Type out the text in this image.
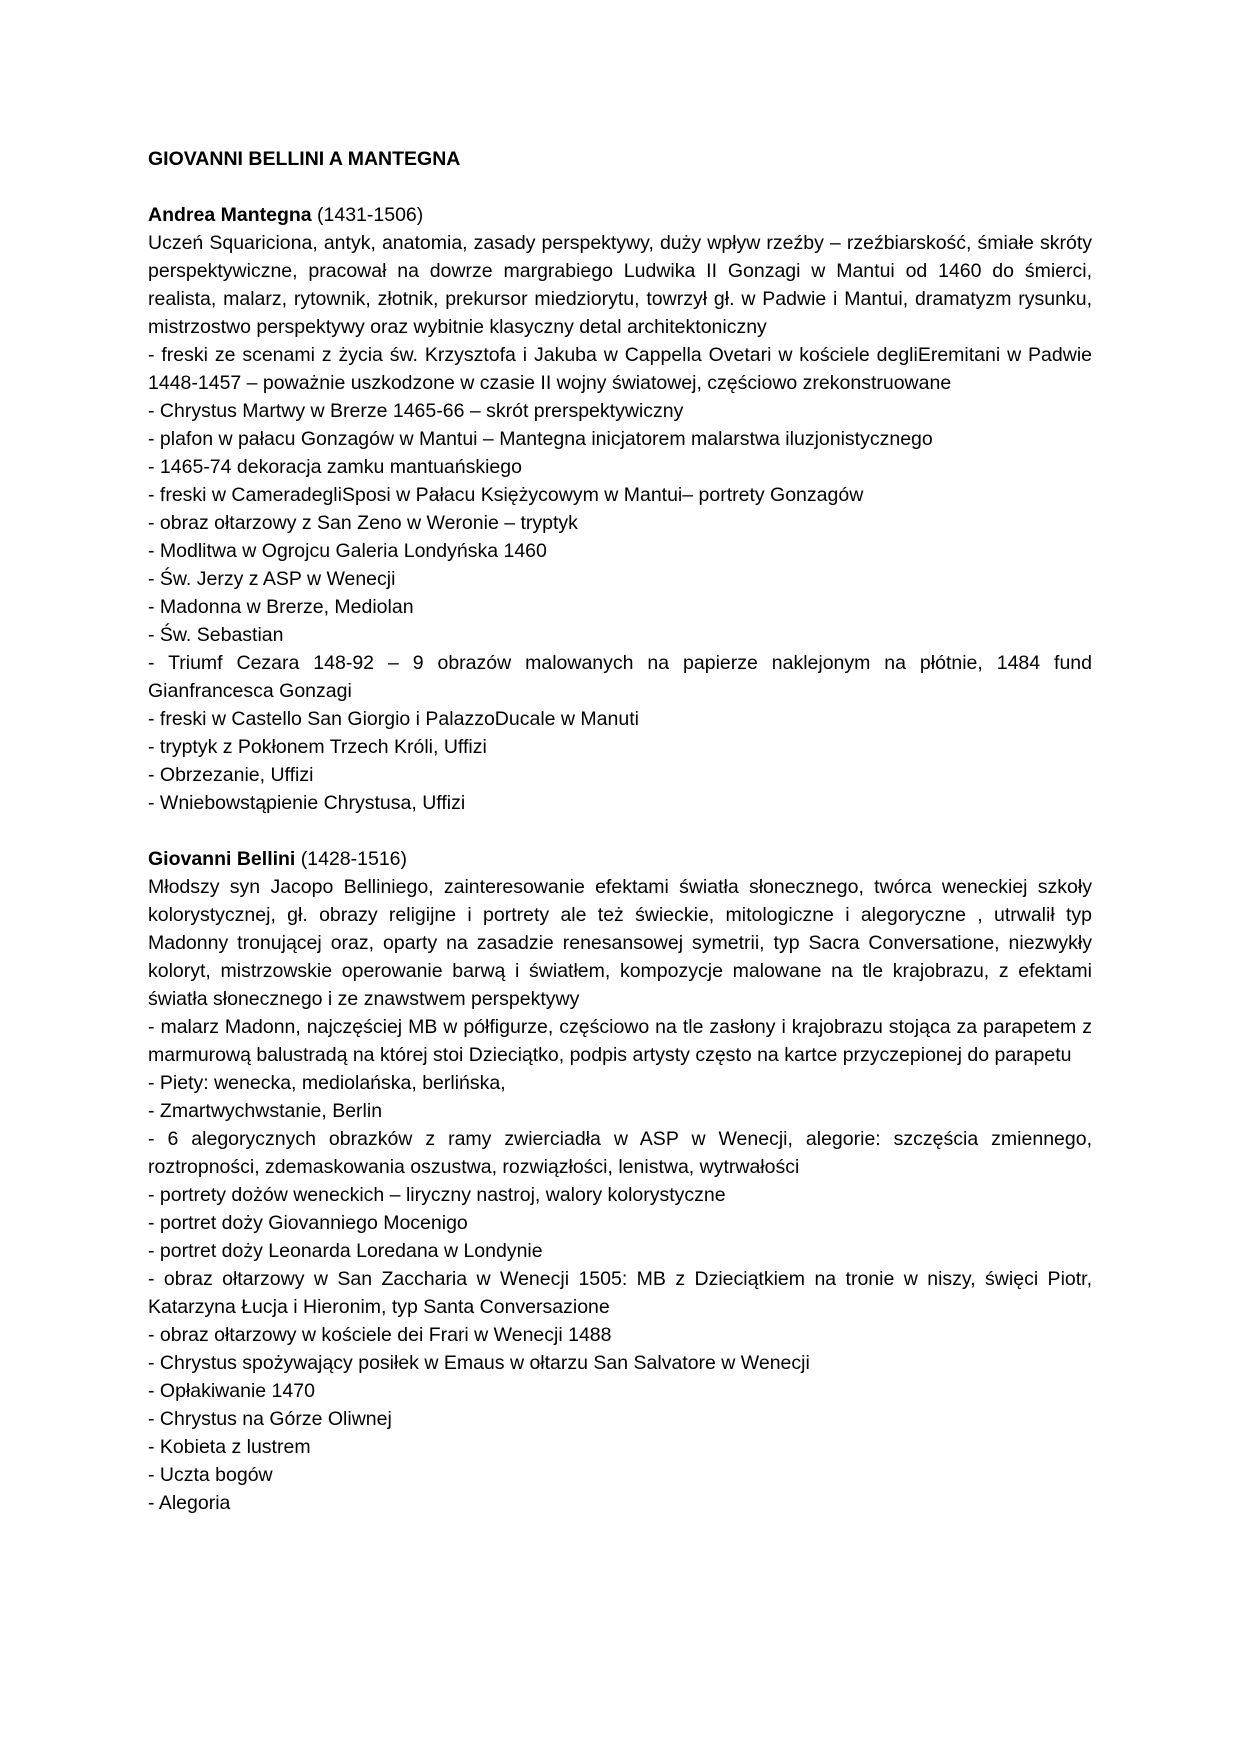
GIOVANNI BELLINI A MANTEGNA

Andrea Mantegna (1431-1506)

Uczeń Squariciona, antyk, anatomia, zasady perspektywy, duży wpływ rzeźby – rzeźbiarskość, śmiałe skróty perspektywiczne, pracował na dowrze margrabiego Ludwika II Gonzagi w Mantui od 1460 do śmierci, realista, malarz, rytownik, złotnik, prekursor miedziorytu, towrzył gł. w Padwie i Mantui, dramatyzm rysunku, mistrzostwo perspektywy oraz wybitnie klasyczny detal architektoniczny

- freski ze scenami z życia św. Krzysztofa i Jakuba w Cappella Ovetari w kościele degliEremitani w Padwie 1448-1457 – poważnie uszkodzone w czasie II wojny światowej, częściowo zrekonstruowane
- Chrystus Martwy w Brerze 1465-66 – skrót prerspektywiczny
- plafon w pałacu Gonzagów w Mantui – Mantegna inicjatorem malarstwa iluzjonistycznego
- 1465-74 dekoracja zamku mantuańskiego
- freski w CameradegliSposi w Pałacu Księżycowym w Mantui– portrety Gonzagów
- obraz ołtarzowy z San Zeno w Weronie – tryptyk
- Modlitwa w Ogrojcu Galeria Londyńska 1460
- Św. Jerzy z ASP w Wenecji
- Madonna w Brerze, Mediolan
- Św. Sebastian
- Triumf Cezara 148-92 – 9 obrazów malowanych na papierze naklejonym na płótnie, 1484 fund Gianfrancesca Gonzagi
- freski w Castello San Giorgio i PalazzoDucale w Manuti
- tryptyk z Pokłonem Trzech Króli, Uffizi
- Obrzezanie, Uffizi
- Wniebowstąpienie Chrystusa, Uffizi

Giovanni Bellini (1428-1516)

Młodszy syn Jacopo Belliniego, zainteresowanie efektami światła słonecznego, twórca weneckiej szkoły kolorystycznej, gł. obrazy religijne i portrety ale też świeckie, mitologiczne i alegoryczne , utrwalił typ Madonny tronującej oraz, oparty na zasadzie renesansowej symetrii, typ Sacra Conversatione, niezwykły koloryt, mistrzowskie operowanie barwą i światłem, kompozycje malowane na tle krajobrazu, z efektami światła słonecznego i ze znawstwem perspektywy

- malarz Madonn, najczęściej MB w półfigurze, częściowo na tle zasłony i krajobrazu stojąca za parapetem z marmurową balustradą na której stoi Dzieciątko, podpis artysty często na kartce przyczepionej do parapetu
- Piety: wenecka, mediolańska, berlińska,
- Zmartwychwstanie, Berlin
- 6 alegorycznych obrazków z ramy zwierciadła w ASP w Wenecji, alegorie: szczęścia zmiennego, roztropności, zdemaskowania oszustwa, rozwiązłości, lenistwa, wytrwałości
- portrety dożów weneckich – liryczny nastroj, walory kolorystyczne
- portret doży Giovanniego Mocenigo
- portret doży Leonarda Loredana w Londynie
- obraz ołtarzowy w San Zaccharia w Wenecji 1505: MB z Dzieciątkiem na tronie w niszy, święci Piotr, Katarzyna Łucja i Hieronim, typ Santa Conversazione
- obraz ołtarzowy w kościele dei Frari w Wenecji 1488
- Chrystus spożywający posiłek w Emaus w ołtarzu San Salvatore w Wenecji
- Opłakiwanie 1470
- Chrystus na Górze Oliwnej
- Kobieta z lustrem
- Uczta bogów
- Alegoria
